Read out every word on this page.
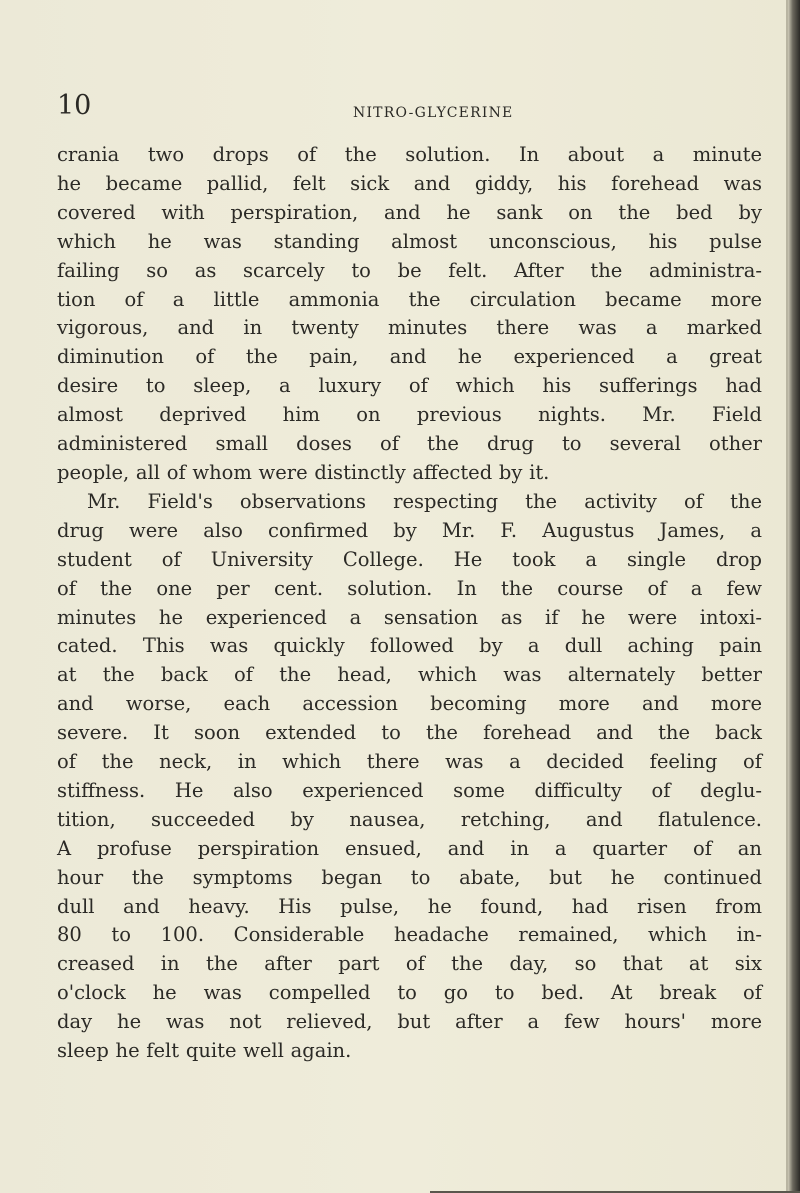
10	NITRO-GLYCERINE
crania two drops of the solution. In about a minute
he became pallid, felt sick and giddy, his forehead was
covered with perspiration, and he sank on the bed by
which he was standing almost unconscious, his pulse
failing so as scarcely to be felt. After the administra-
tion of a little ammonia the circulation became more
vigorous, and in twenty minutes there was a marked
diminution of the pain, and he experienced a great
desire to sleep, a luxury of which his sufferings had
almost deprived him on previous nights. Mr. Field
administered small doses of the drug to several other
people, all of whom were distinctly affected by it.
Mr. Field's observations respecting the activity of the
drug were also confirmed by Mr. F. Augustus James, a
student of University College. He took a single drop
of the one per cent. solution. In the course of a few
minutes he experienced a sensation as if he were intoxi-
cated. This was quickly followed by a dull aching pain
at the back of the head, which was alternately better
and worse, each accession becoming more and more
severe. It soon extended to the forehead and the back
of the neck, in which there was a decided feeling of
stiffness. He also experienced some difficulty of deglu-
tition, succeeded by nausea, retching, and flatulence.
A profuse perspiration ensued, and in a quarter of an
hour the symptoms began to abate, but he continued
dull and heavy. His pulse, he found, had risen from
80 to 100. Considerable headache remained, which in-
creased in the after part of the day, so that at six
o'clock he was compelled to go to bed. At break of
day he was not relieved, but after a few hours' more
sleep he felt quite well again.
